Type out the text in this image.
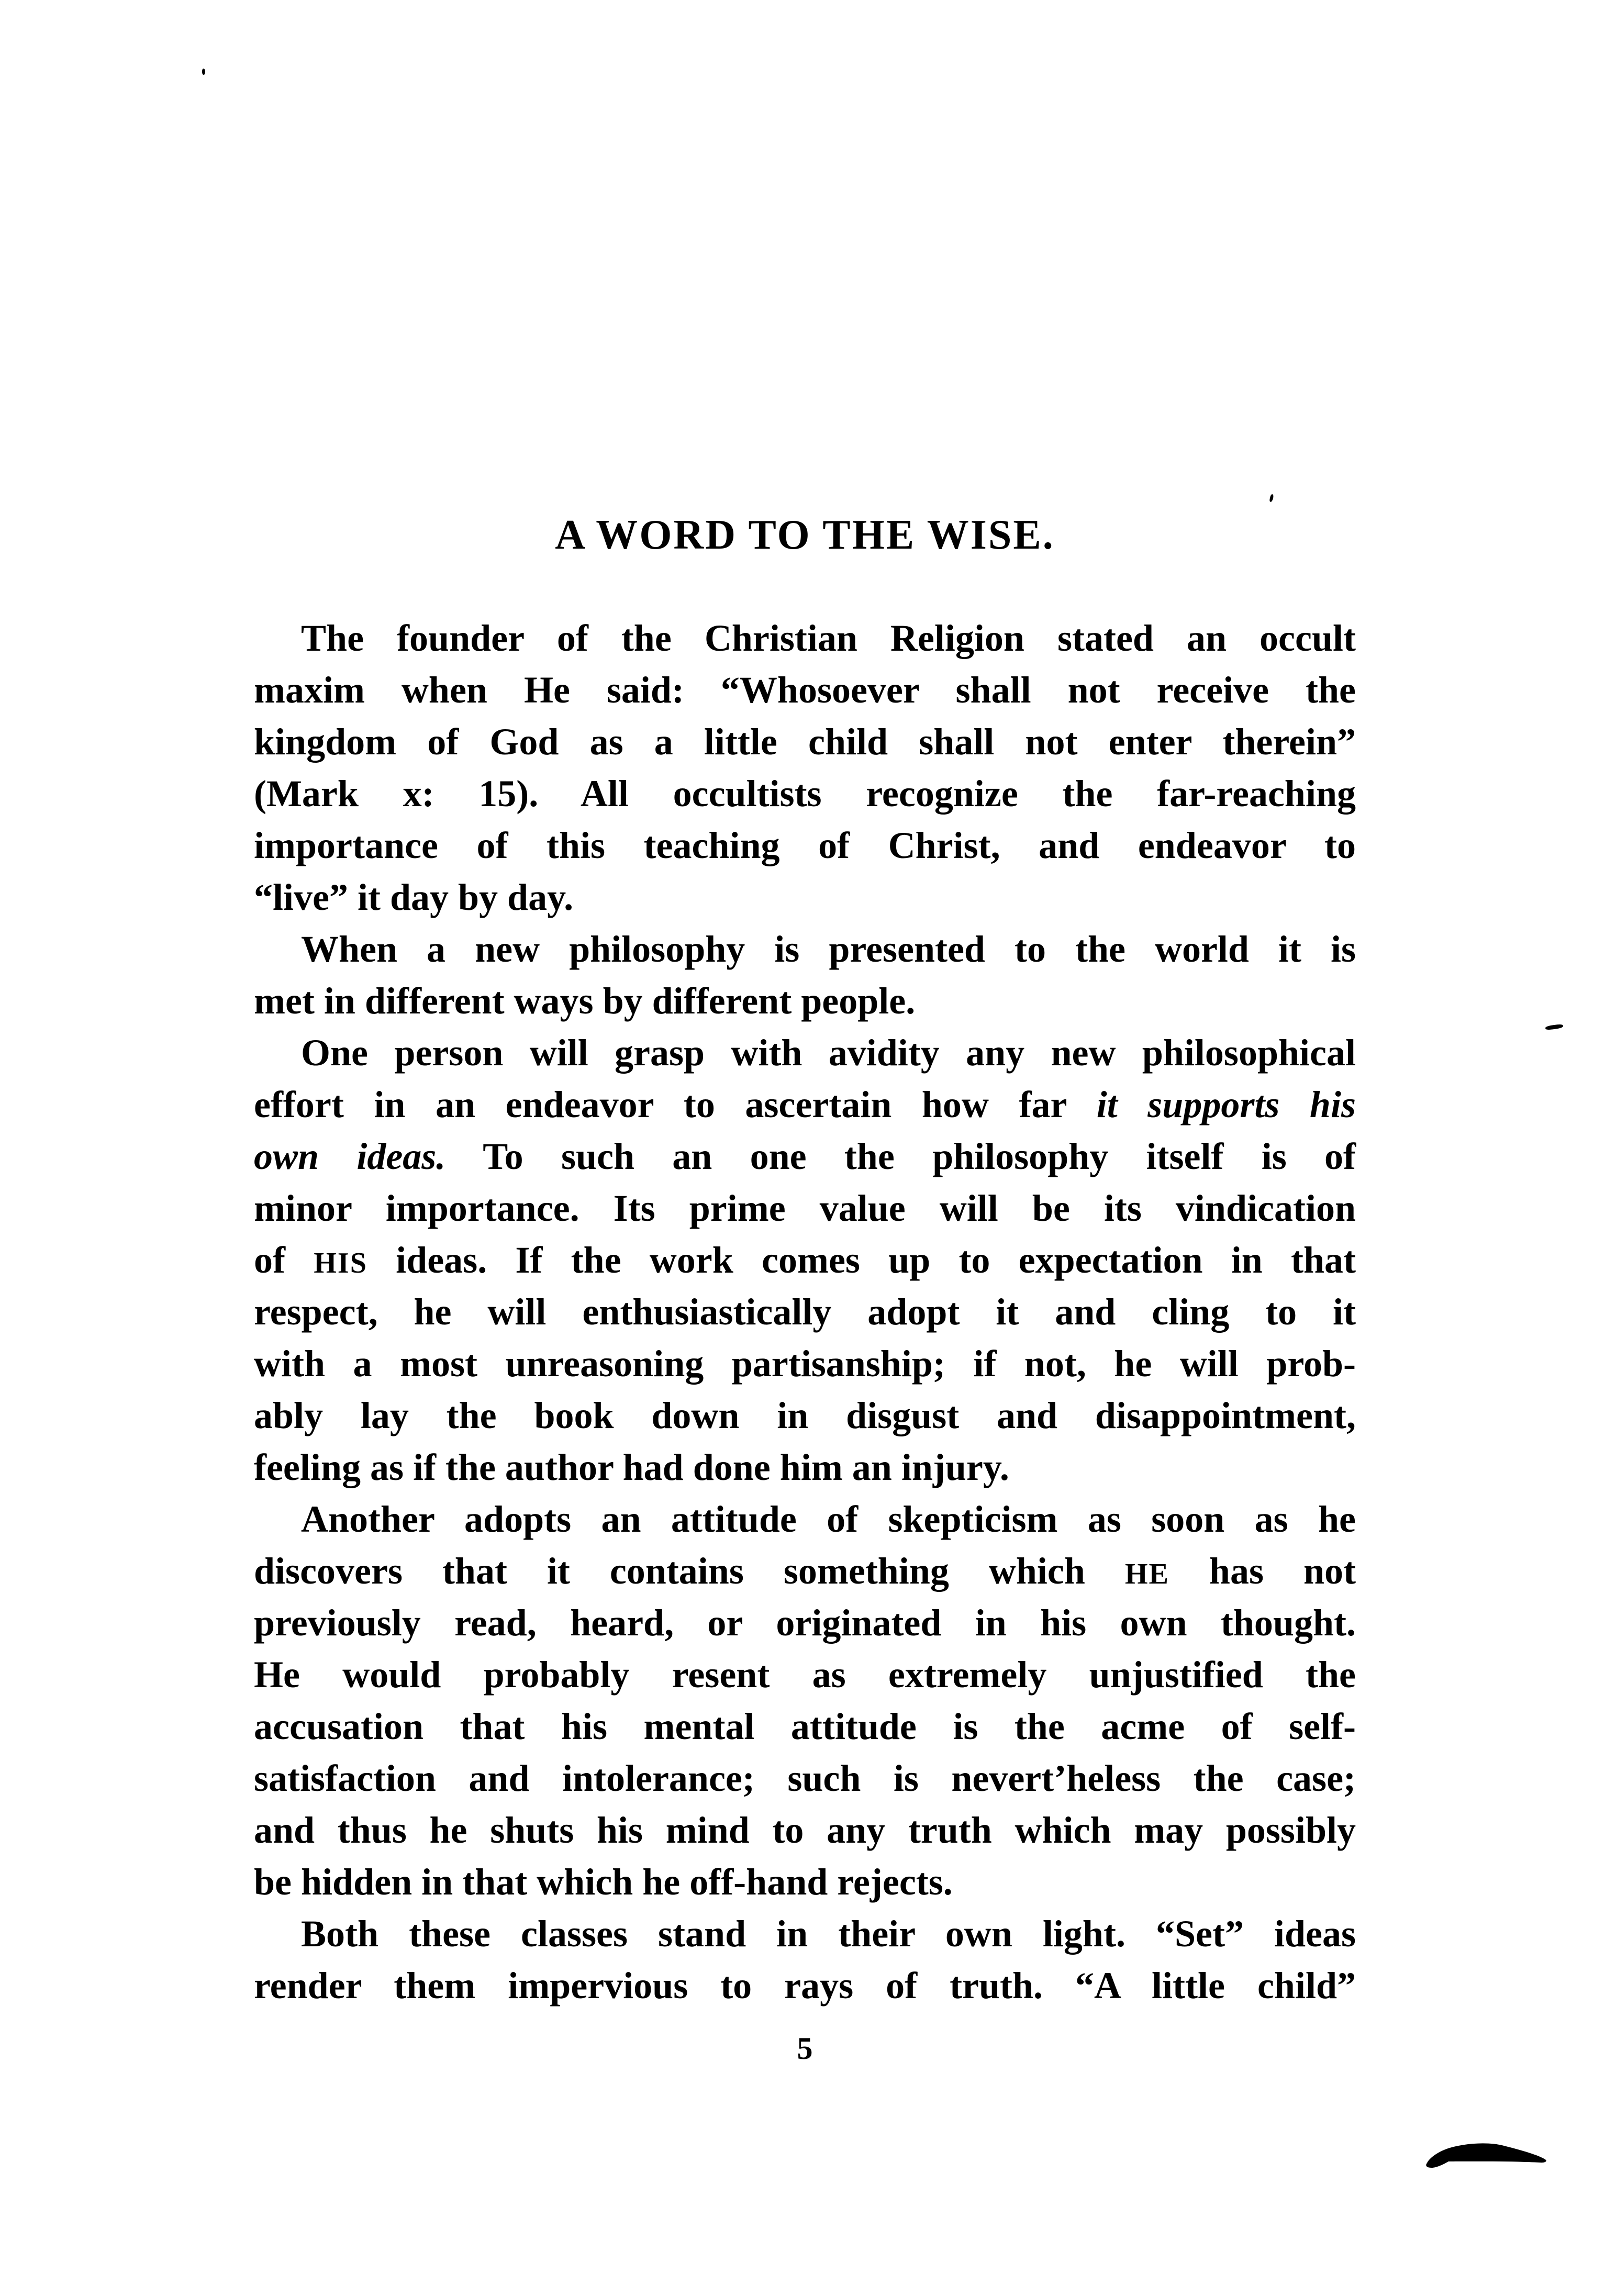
A WORD TO THE WISE.
The founder of the Christian Religion stated an occult
maxim when He said: “Whosoever shall not receive the
kingdom of God as a little child shall not enter therein”
(Mark x: 15). All occultists recognize the far-reaching
importance of this teaching of Christ, and endeavor to
“live” it day by day.
When a new philosophy is presented to the world it is
met in different ways by different people.
One person will grasp with avidity any new philosophical
effort in an endeavor to ascertain how far it supports his
own ideas. To such an one the philosophy itself is of
minor importance. Its prime value will be its vindication
of HIS ideas. If the work comes up to expectation in that
respect, he will enthusiastically adopt it and cling to it
with a most unreasoning partisanship; if not, he will prob-
ably lay the book down in disgust and disappointment,
feeling as if the author had done him an injury.
Another adopts an attitude of skepticism as soon as he
discovers that it contains something which HE has not
previously read, heard, or originated in his own thought.
He would probably resent as extremely unjustified the
accusation that his mental attitude is the acme of self-
satisfaction and intolerance; such is nevert’heless the case;
and thus he shuts his mind to any truth which may possibly
be hidden in that which he off-hand rejects.
Both these classes stand in their own light. “Set” ideas
render them impervious to rays of truth. “A little child”
5
